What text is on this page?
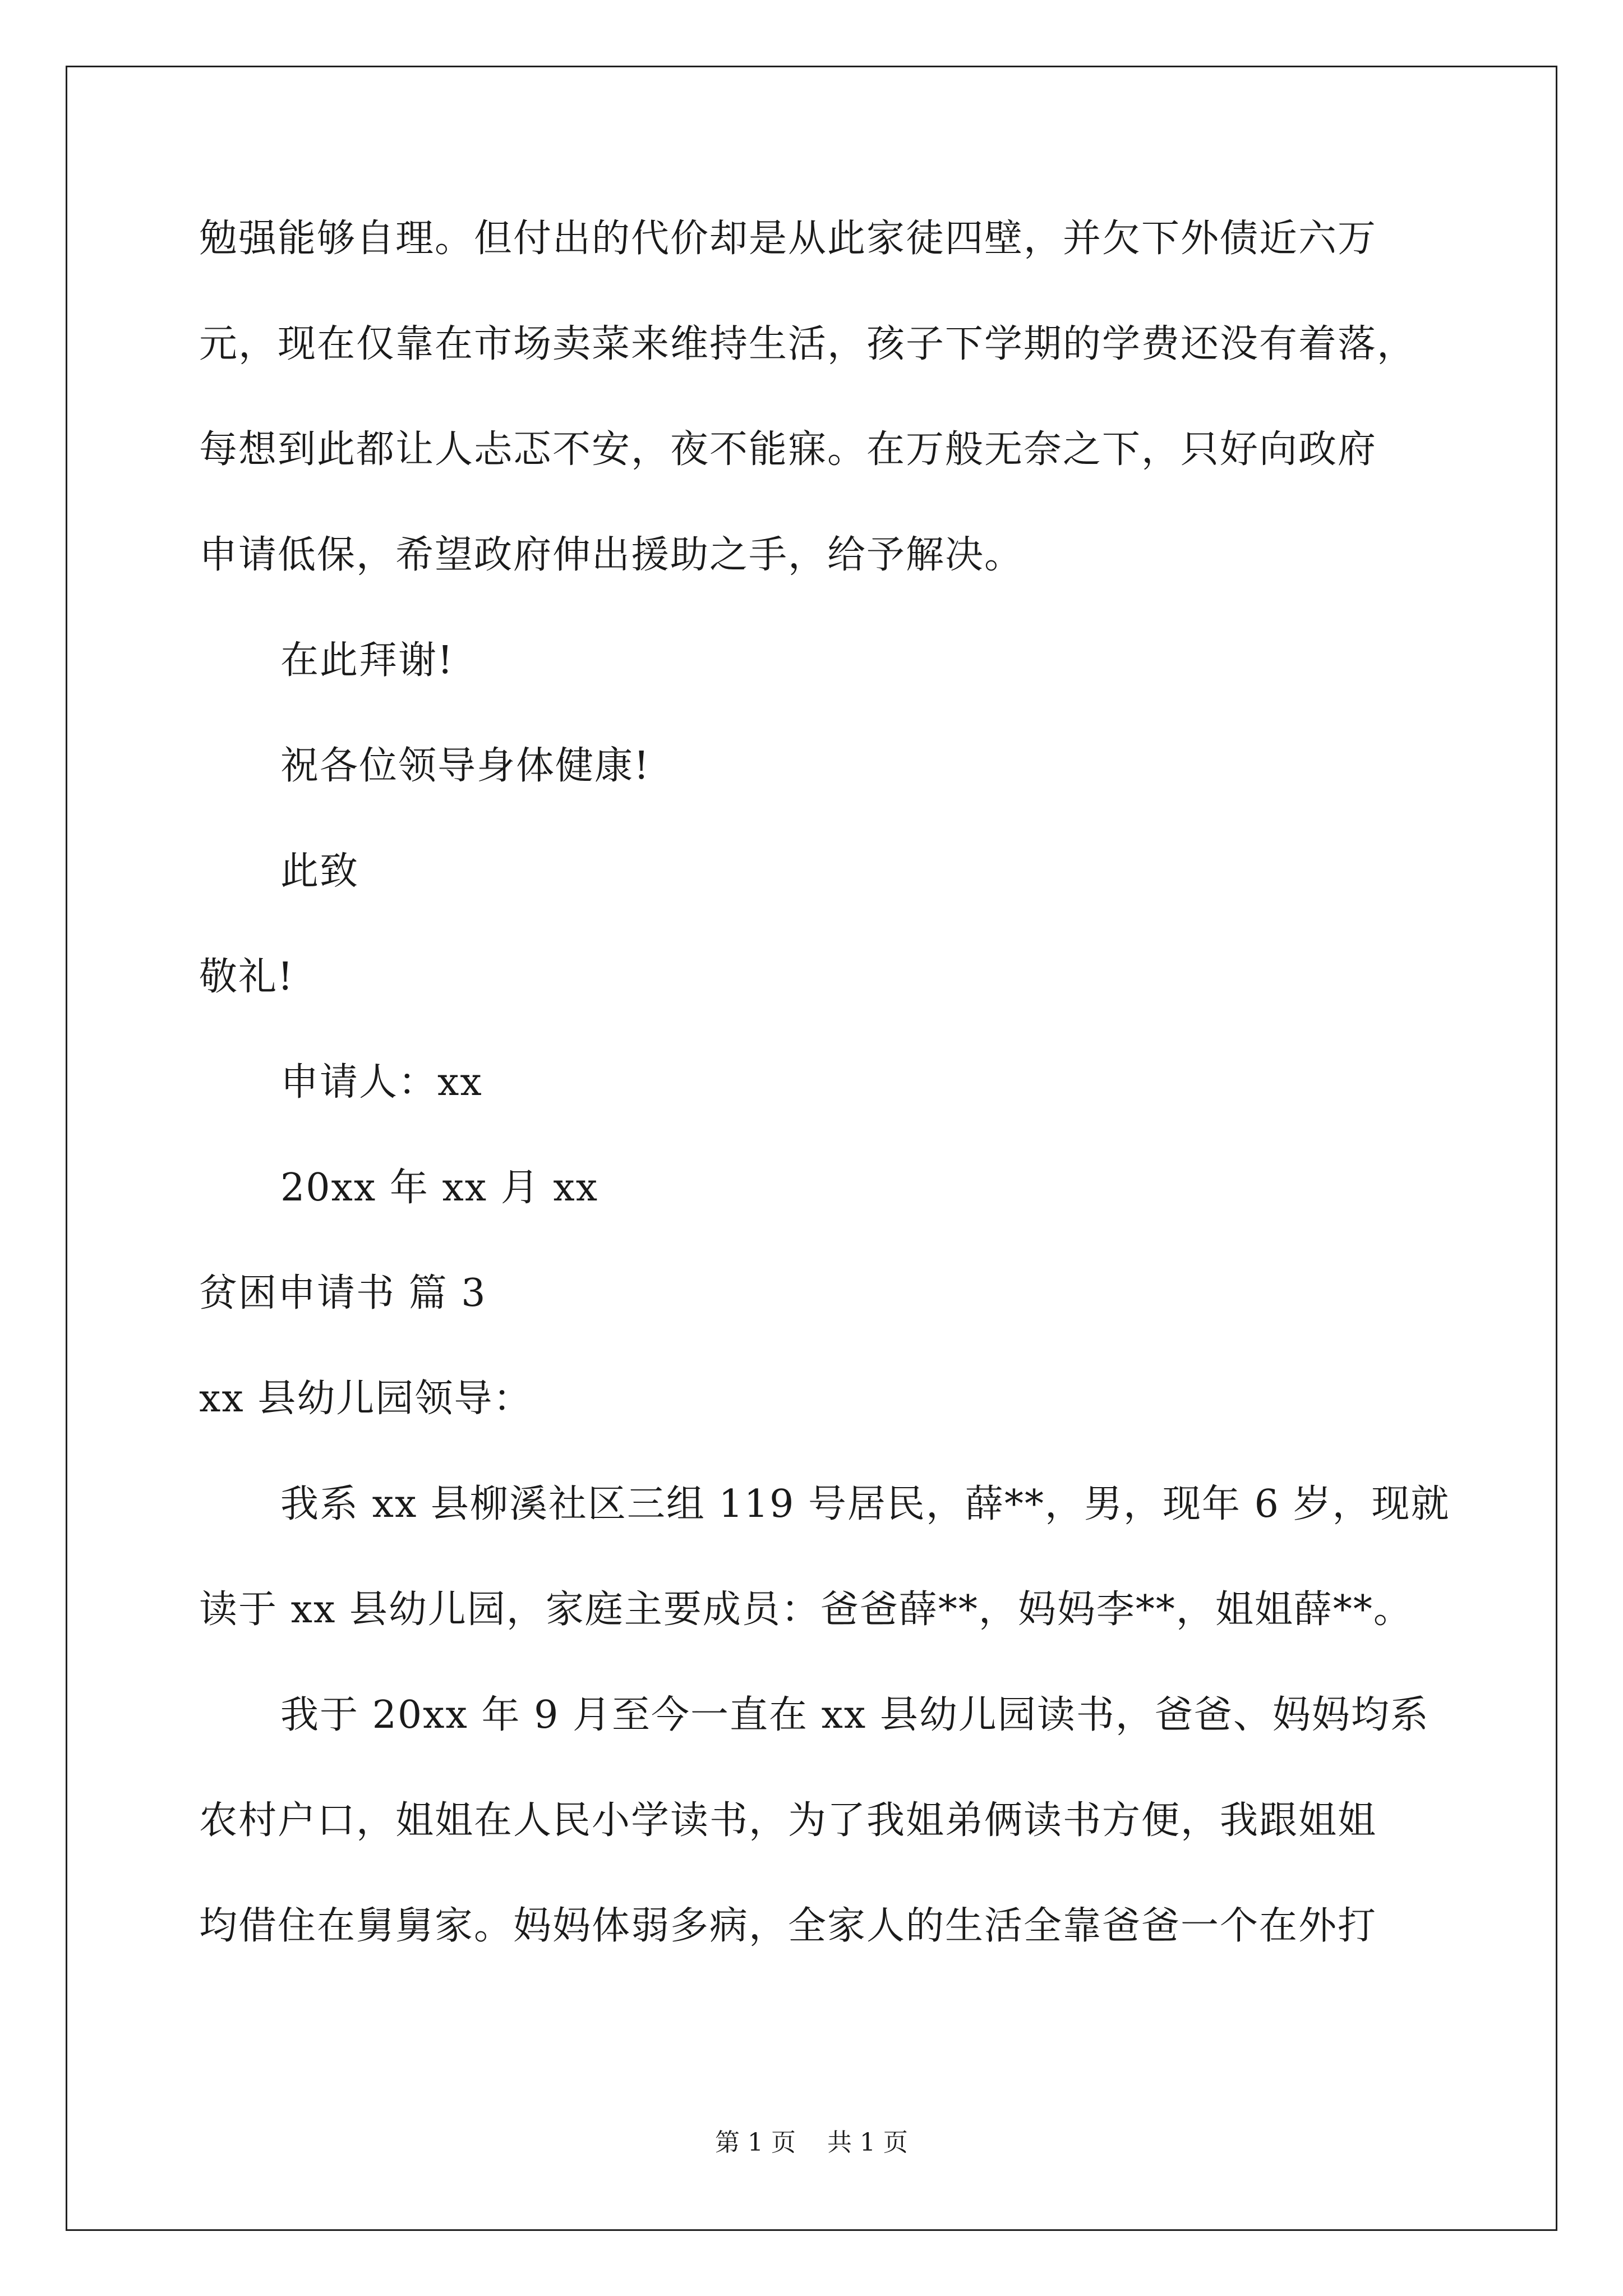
勉强能够自理。但付出的代价却是从此家徒四壁，并欠下外债近六万
元，现在仅靠在市场卖菜来维持生活，孩子下学期的学费还没有着落，
每想到此都让人忐忑不安，夜不能寐。在万般无奈之下，只好向政府
申请低保，希望政府伸出援助之手，给予解决。
在此拜谢!
祝各位领导身体健康!
此致
敬礼!
申请人：xx
20xx 年 xx 月 xx
贫困申请书 篇 3
xx 县幼儿园领导：
我系 xx 县柳溪社区三组 119 号居民，薛**，男，现年 6 岁，现就
读于 xx 县幼儿园，家庭主要成员：爸爸薛**，妈妈李**，姐姐薛**。
我于 20xx 年 9 月至今一直在 xx 县幼儿园读书，爸爸、妈妈均系
农村户口，姐姐在人民小学读书，为了我姐弟俩读书方便，我跟姐姐
均借住在舅舅家。妈妈体弱多病，全家人的生活全靠爸爸一个在外打
第 1 页    共 1 页
